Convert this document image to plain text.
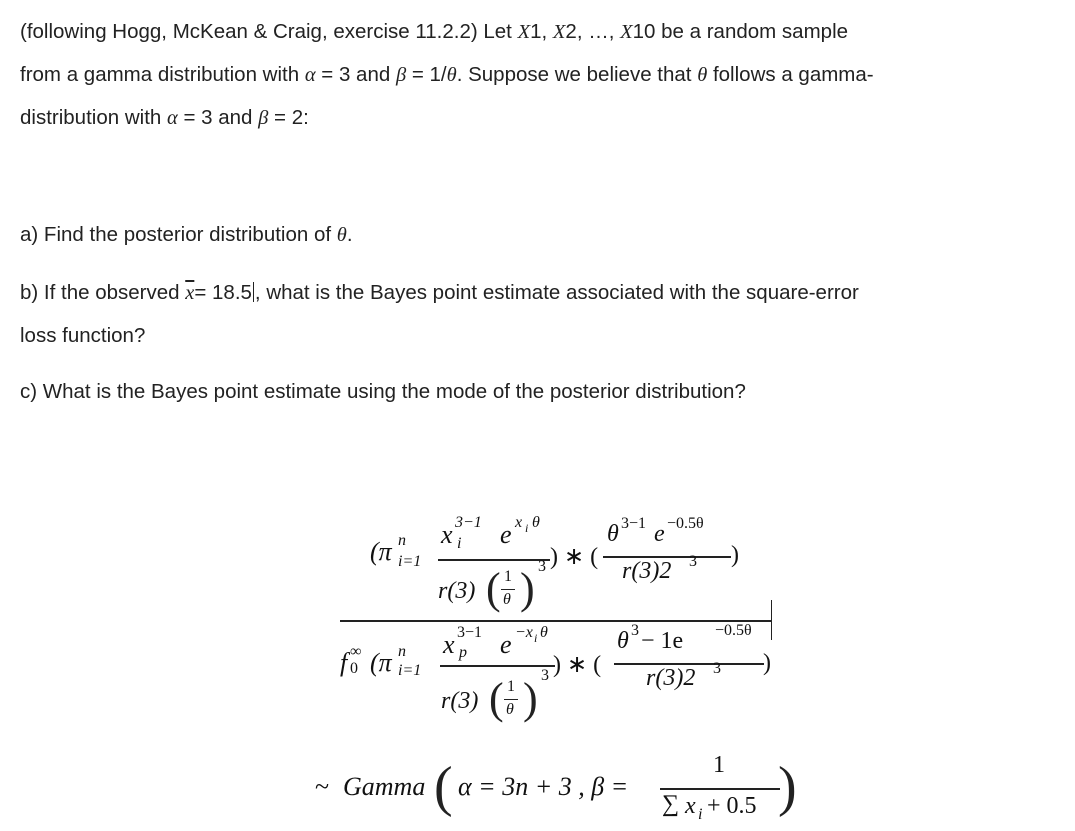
(following Hogg, McKean & Craig, exercise 11.2.2) Let X1, X2, …, X10 be a random sample
from a gamma distribution with α = 3 and β = 1/θ. Suppose we believe that θ follows a gamma-
distribution with α = 3 and β = 2:
a) Find the posterior distribution of θ.
b) If the observed $\overline{x}= 18.5$ , what is the Bayes point estimate associated with the square-error
loss function?
c) What is the Bayes point estimate using the mode of the posterior distribution?
(π n
i=1
x 3−1
i e x i θ
r(3) ( 1
θ ) 3 ) ∗ (
θ 3−1 e −0.5θ
r(3)2 3 )
f ∞
0 (π n
i=1
x 3−1
p e −x i θ
r(3) ( 1
θ ) 3 ) ∗ (
θ 3 − 1e −0.5θ
r(3)2 3 )
~ Gamma ( α = 3n + 3 , β =
1
∑ x i + 0.5 )
